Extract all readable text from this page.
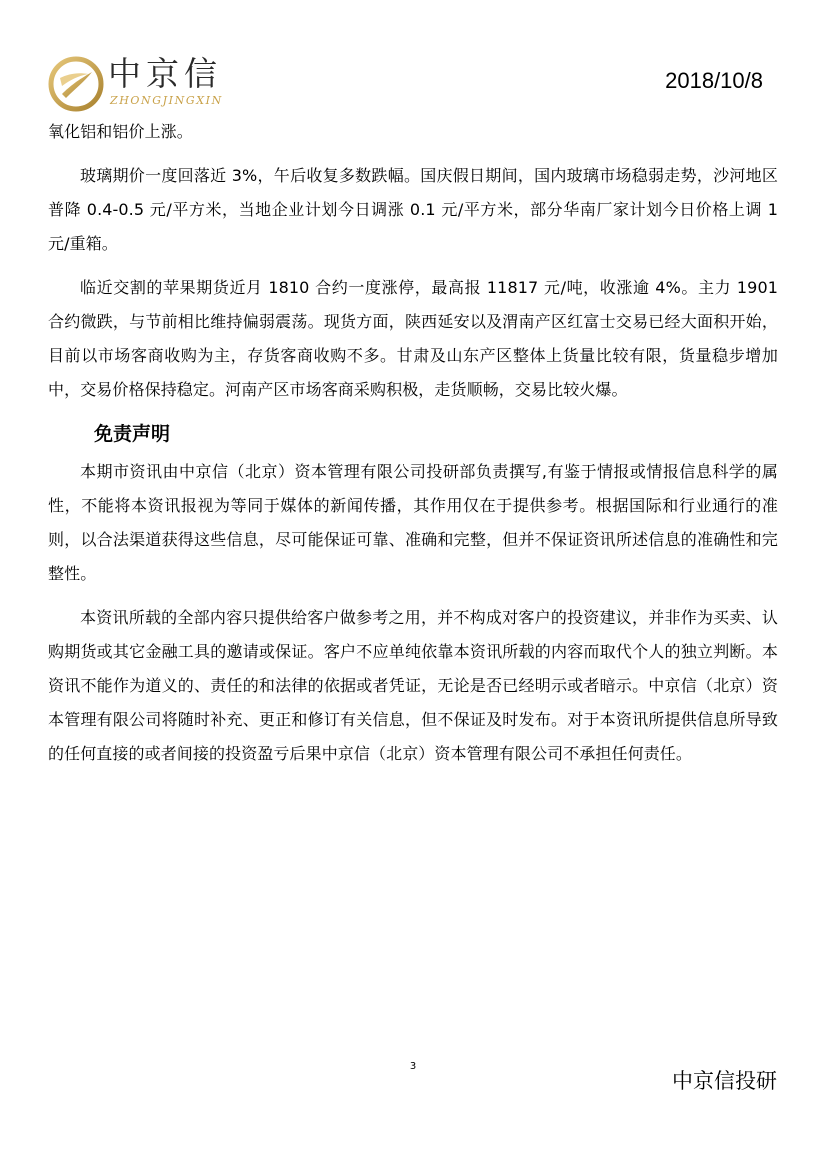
中京信
ZHONGJINGXIN
2018/10/8

氧化铝和铝价上涨。

玻璃期价一度回落近 3%，午后收复多数跌幅。国庆假日期间，国内玻璃市场稳弱走势，沙河地区普降 0.4-0.5 元/平方米，当地企业计划今日调涨 0.1 元/平方米，部分华南厂家计划今日价格上调 1 元/重箱。

临近交割的苹果期货近月 1810 合约一度涨停，最高报 11817 元/吨，收涨逾 4%。主力 1901 合约微跌，与节前相比维持偏弱震荡。现货方面，陕西延安以及渭南产区红富士交易已经大面积开始，目前以市场客商收购为主，存货客商收购不多。甘肃及山东产区整体上货量比较有限，货量稳步增加中，交易价格保持稳定。河南产区市场客商采购积极，走货顺畅，交易比较火爆。

免责声明

本期市资讯由中京信（北京）资本管理有限公司投研部负责撰写,有鉴于情报或情报信息科学的属性，不能将本资讯报视为等同于媒体的新闻传播，其作用仅在于提供参考。根据国际和行业通行的准则，以合法渠道获得这些信息，尽可能保证可靠、准确和完整，但并不保证资讯所述信息的准确性和完整性。

本资讯所载的全部内容只提供给客户做参考之用，并不构成对客户的投资建议，并非作为买卖、认购期货或其它金融工具的邀请或保证。客户不应单纯依靠本资讯所载的内容而取代个人的独立判断。本资讯不能作为道义的、责任的和法律的依据或者凭证，无论是否已经明示或者暗示。中京信（北京）资本管理有限公司将随时补充、更正和修订有关信息，但不保证及时发布。对于本资讯所提供信息所导致的任何直接的或者间接的投资盈亏后果中京信（北京）资本管理有限公司不承担任何责任。

3
中京信投研
